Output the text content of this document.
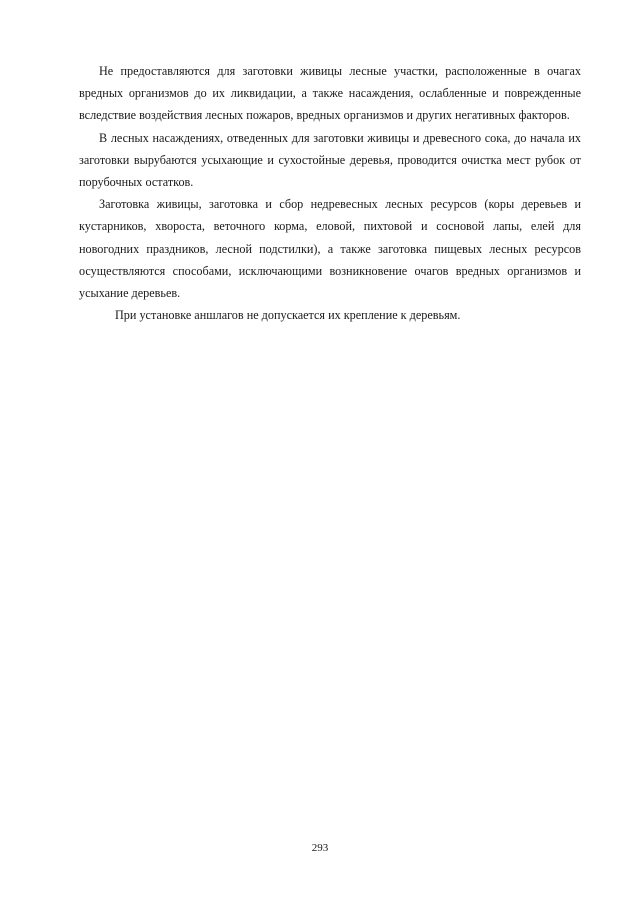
Не предоставляются для заготовки живицы лесные участки, расположенные в очагах вредных организмов до их ликвидации, а также насаждения, ослабленные и поврежденные вследствие воздействия лесных пожаров, вредных организмов и других негативных факторов.

В лесных насаждениях, отведенных для заготовки живицы и древесного сока, до начала их заготовки вырубаются усыхающие и сухостойные деревья, проводится очистка мест рубок от порубочных остатков.

Заготовка живицы, заготовка и сбор недревесных лесных ресурсов (коры деревьев и кустарников, хвороста, веточного корма, еловой, пихтовой и сосновой лапы, елей для новогодних праздников, лесной подстилки), а также заготовка пищевых лесных ресурсов осуществляются способами, исключающими возникновение очагов вредных организмов и усыхание деревьев.

При установке аншлагов не допускается их крепление к деревьям.

293
